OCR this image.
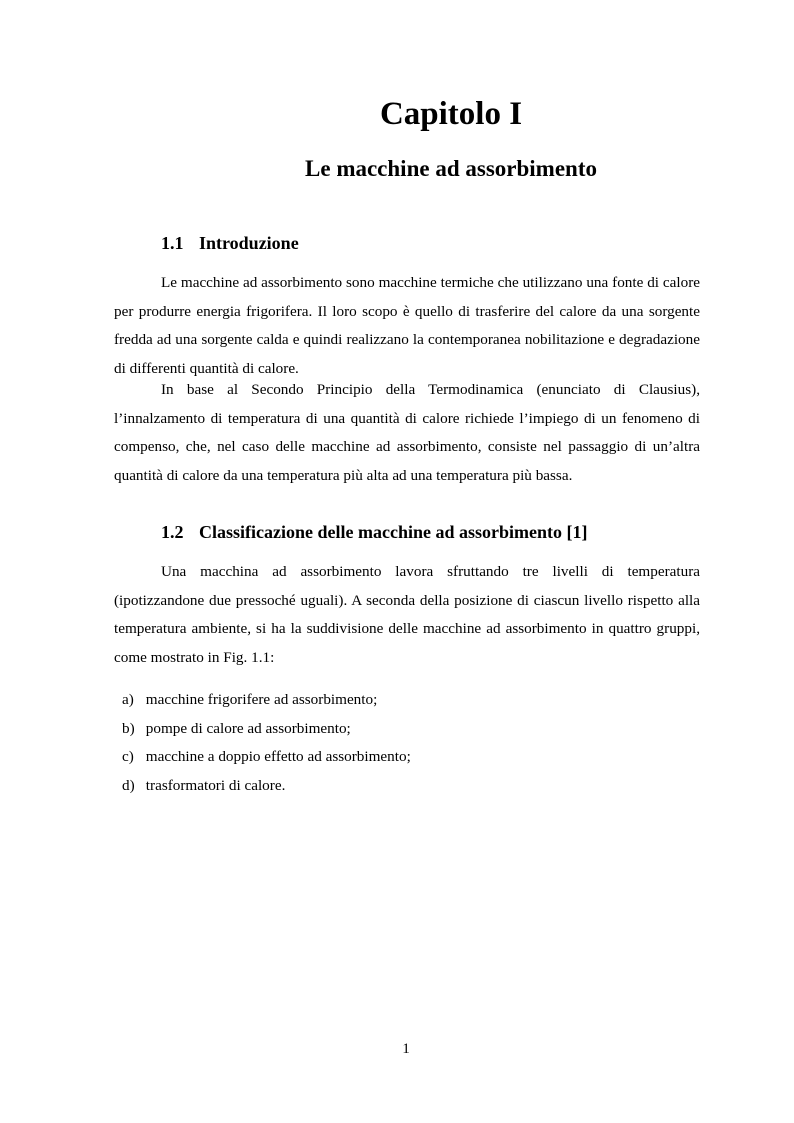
Capitolo I
Le macchine ad assorbimento
1.1 Introduzione

Le macchine ad assorbimento sono macchine termiche che utilizzano una fonte di calore per produrre energia frigorifera. Il loro scopo è quello di trasferire del calore da una sorgente fredda ad una sorgente calda e quindi realizzano la contemporanea nobilitazione e degradazione di differenti quantità di calore.

In base al Secondo Principio della Termodinamica (enunciato di Clausius), l’innalzamento di temperatura di una quantità di calore richiede l’impiego di un fenomeno di compenso, che, nel caso delle macchine ad assorbimento, consiste nel passaggio di un’altra quantità di calore da una temperatura più alta ad una temperatura più bassa.

1.2 Classificazione delle macchine ad assorbimento [1]

Una macchina ad assorbimento lavora sfruttando tre livelli di temperatura (ipotizzandone due pressoché uguali). A seconda della posizione di ciascun livello rispetto alla temperatura ambiente, si ha la suddivisione delle macchine ad assorbimento in quattro gruppi, come mostrato in Fig. 1.1:

a) macchine frigorifere ad assorbimento;
b) pompe di calore ad assorbimento;
c) macchine a doppio effetto ad assorbimento;
d) trasformatori di calore.
1
